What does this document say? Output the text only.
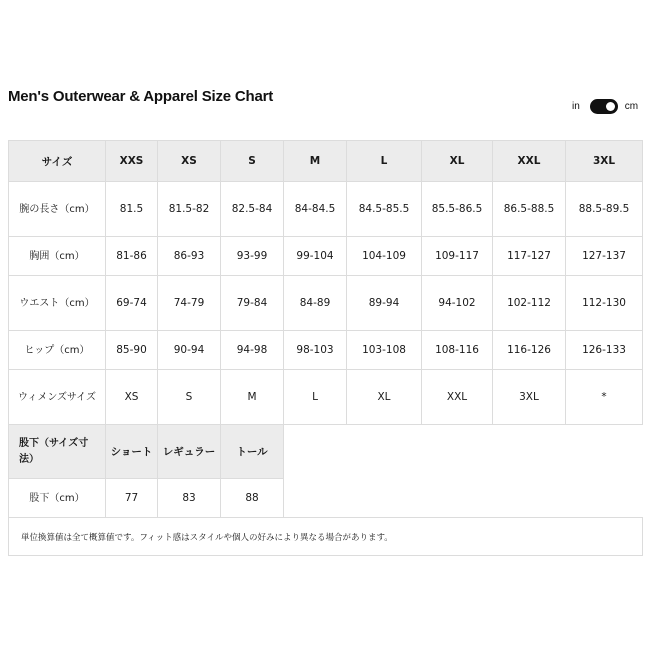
Men's Outerwear & Apparel Size Chart
in	cm
サイズ	XXS	XS	S	M	L	XL	XXL	3XL
腕の長さ（cm）	81.5	81.5-82	82.5-84	84-84.5	84.5-85.5	85.5-86.5	86.5-88.5	88.5-89.5
胸囲（cm）	81-86	86-93	93-99	99-104	104-109	109-117	117-127	127-137
ウエスト（cm）	69-74	74-79	79-84	84-89	89-94	94-102	102-112	112-130
ヒップ（cm）	85-90	90-94	94-98	98-103	103-108	108-116	116-126	126-133
ウィメンズサイズ	XS	S	M	L	XL	XXL	3XL	*
股下（サイズ寸法）	ショート	レギュラー	トール					
股下（cm）	77	83	88					
単位換算値は全て概算値です。フィット感はスタイルや個人の好みにより異なる場合があります。								
